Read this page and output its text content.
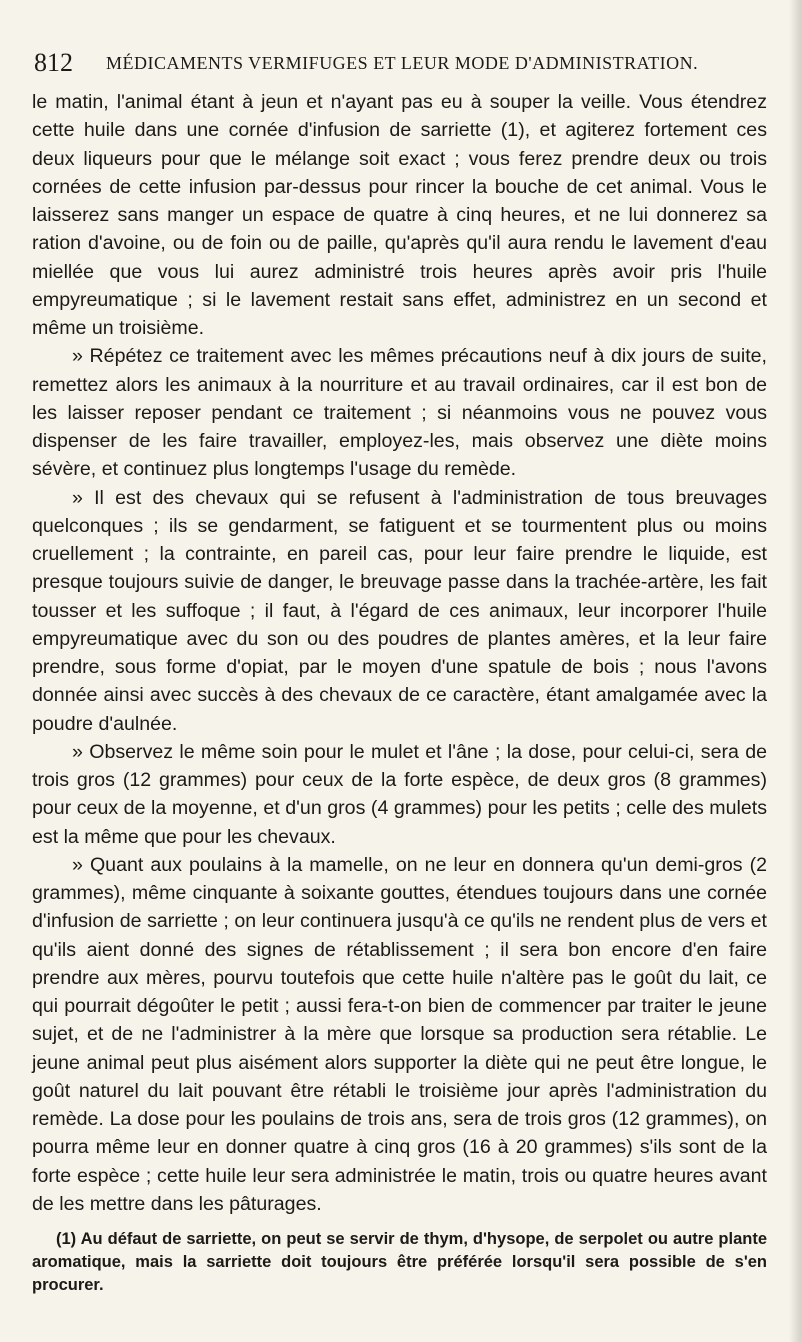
812 MÉDICAMENTS VERMIFUGES ET LEUR MODE D'ADMINISTRATION.

le matin, l'animal étant à jeun et n'ayant pas eu à souper la veille. Vous étendrez cette huile dans une cornée d'infusion de sarriette (1), et agiterez fortement ces deux liqueurs pour que le mélange soit exact ; vous ferez prendre deux ou trois cornées de cette infusion par-dessus pour rincer la bouche de cet animal. Vous le laisserez sans manger un espace de quatre à cinq heures, et ne lui donnerez sa ration d'avoine, ou de foin ou de paille, qu'après qu'il aura rendu le lavement d'eau miellée que vous lui aurez administré trois heures après avoir pris l'huile empyreumatique ; si le lavement restait sans effet, administrez en un second et même un troisième.

» Répétez ce traitement avec les mêmes précautions neuf à dix jours de suite, remettez alors les animaux à la nourriture et au travail ordinaires, car il est bon de les laisser reposer pendant ce traitement ; si néanmoins vous ne pouvez vous dispenser de les faire travailler, employez-les, mais observez une diète moins sévère, et continuez plus longtemps l'usage du remède.

» Il est des chevaux qui se refusent à l'administration de tous breuvages quelconques ; ils se gendarment, se fatiguent et se tourmentent plus ou moins cruellement ; la contrainte, en pareil cas, pour leur faire prendre le liquide, est presque toujours suivie de danger, le breuvage passe dans la trachée-artère, les fait tousser et les suffoque ; il faut, à l'égard de ces animaux, leur incorporer l'huile empyreumatique avec du son ou des poudres de plantes amères, et la leur faire prendre, sous forme d'opiat, par le moyen d'une spatule de bois ; nous l'avons donnée ainsi avec succès à des chevaux de ce caractère, étant amalgamée avec la poudre d'aulnée.

» Observez le même soin pour le mulet et l'âne ; la dose, pour celui-ci, sera de trois gros (12 grammes) pour ceux de la forte espèce, de deux gros (8 grammes) pour ceux de la moyenne, et d'un gros (4 grammes) pour les petits ; celle des mulets est la même que pour les chevaux.

» Quant aux poulains à la mamelle, on ne leur en donnera qu'un demi-gros (2 grammes), même cinquante à soixante gouttes, étendues toujours dans une cornée d'infusion de sarriette ; on leur continuera jusqu'à ce qu'ils ne rendent plus de vers et qu'ils aient donné des signes de rétablissement ; il sera bon encore d'en faire prendre aux mères, pourvu toutefois que cette huile n'altère pas le goût du lait, ce qui pourrait dégoûter le petit ; aussi fera-t-on bien de commencer par traiter le jeune sujet, et de ne l'administrer à la mère que lorsque sa production sera rétablie. Le jeune animal peut plus aisément alors supporter la diète qui ne peut être longue, le goût naturel du lait pouvant être rétabli le troisième jour après l'administration du remède. La dose pour les poulains de trois ans, sera de trois gros (12 grammes), on pourra même leur en donner quatre à cinq gros (16 à 20 grammes) s'ils sont de la forte espèce ; cette huile leur sera administrée le matin, trois ou quatre heures avant de les mettre dans les pâturages.

(1) Au défaut de sarriette, on peut se servir de thym, d'hysope, de serpolet ou autre plante aromatique, mais la sarriette doit toujours être préférée lorsqu'il sera possible de s'en procurer.
